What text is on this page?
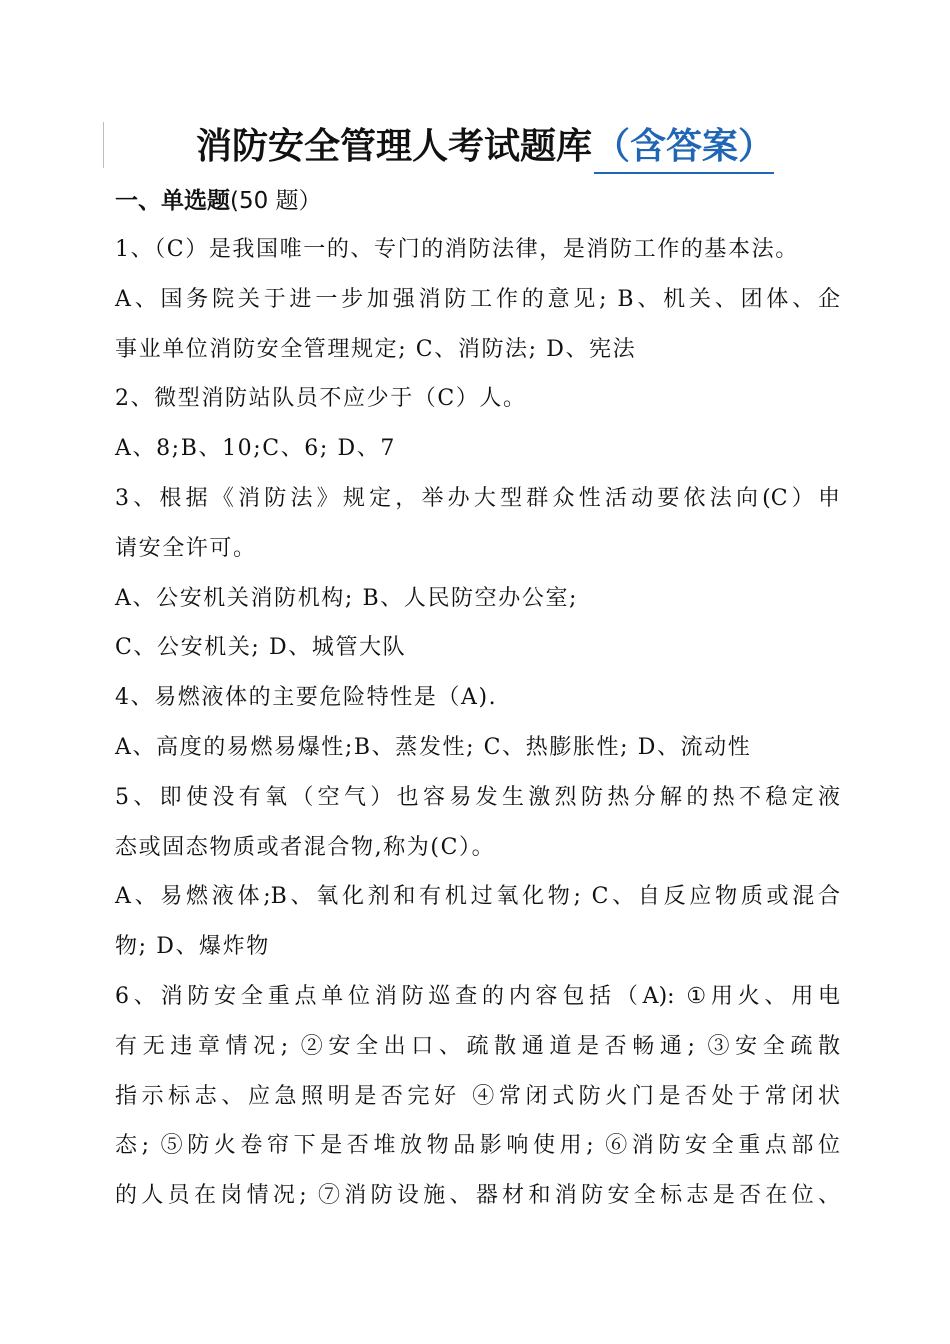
消防安全管理人考试题库（含答案）
一、单选题(50 题）
1、（C）是我国唯一的、专门的消防法律，是消防工作的基本法。
A、国务院关于进一步加强消防工作的意见; B、机关、团体、企
事业单位消防安全管理规定; C、消防法; D、宪法
2、微型消防站队员不应少于（C）人。
A、8;B、10;C、6; D、7
3、根据《消防法》规定，举办大型群众性活动要依法向(C）申
请安全许可。
A、公安机关消防机构; B、人民防空办公室;
C、公安机关; D、城管大队
4、易燃液体的主要危险特性是（A).
A、高度的易燃易爆性;B、蒸发性; C、热膨胀性; D、流动性
5、即使没有氧（空气）也容易发生激烈防热分解的热不稳定液
态或固态物质或者混合物,称为(C）。
A、易燃液体;B、氧化剂和有机过氧化物; C、自反应物质或混合
物; D、爆炸物
6、消防安全重点单位消防巡查的内容包括（A): ①用火、用电
有无违章情况; ②安全出口、疏散通道是否畅通; ③安全疏散
指示标志、应急照明是否完好 ④常闭式防火门是否处于常闭状
态; ⑤防火卷帘下是否堆放物品影响使用; ⑥消防安全重点部位
的人员在岗情况; ⑦消防设施、器材和消防安全标志是否在位、
